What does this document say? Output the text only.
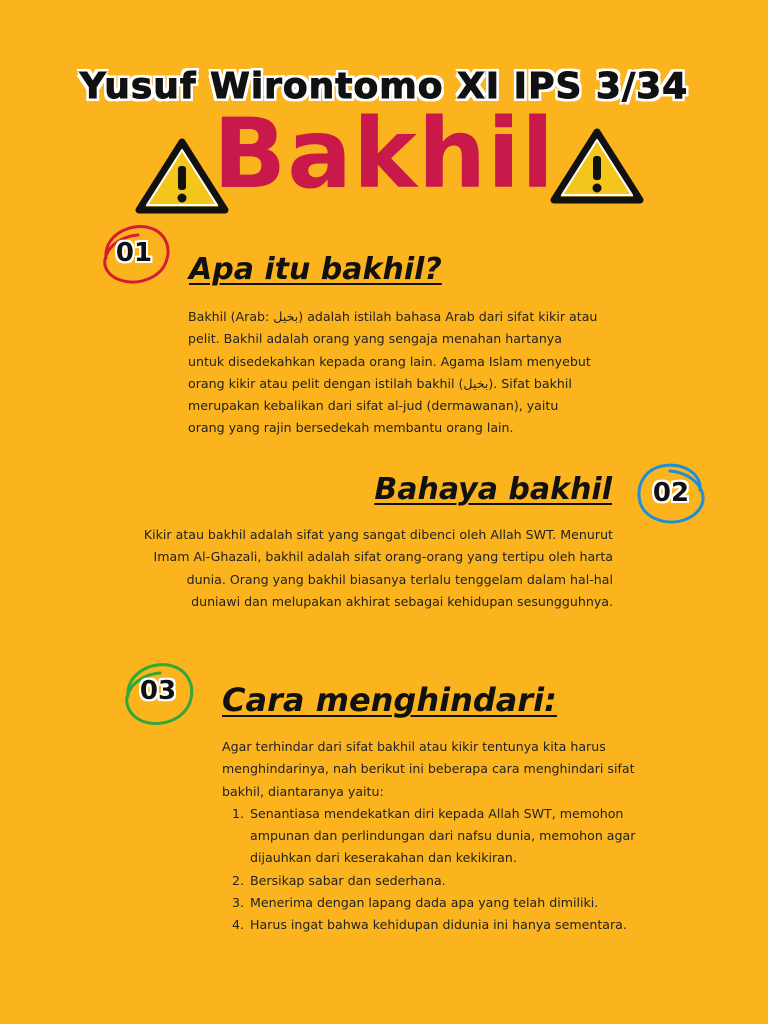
Yusuf Wirontomo XI IPS 3/34
Bakhil
01	Apa itu bakhil?
Bakhil (Arab: بخيل) adalah istilah bahasa Arab dari sifat kikir atau pelit. Bakhil adalah orang yang sengaja menahan hartanya untuk disedekahkan kepada orang lain. Agama Islam menyebut orang kikir atau pelit dengan istilah bakhil (بخيل). Sifat bakhil merupakan kebalikan dari sifat al-jud (dermawanan), yaitu orang yang rajin bersedekah membantu orang lain.
02
Bahaya bakhil
Kikir atau bakhil adalah sifat yang sangat dibenci oleh Allah SWT. Menurut Imam Al-Ghazali, bakhil adalah sifat orang-orang yang tertipu oleh harta dunia. Orang yang bakhil biasanya terlalu tenggelam dalam hal-hal duniawi dan melupakan akhirat sebagai kehidupan sesungguhnya.
03	Cara menghindari:
Agar terhindar dari sifat bakhil atau kikir tentunya kita harus menghindarinya, nah berikut ini beberapa cara menghindari sifat bakhil, diantaranya yaitu:
1. Senantiasa mendekatkan diri kepada Allah SWT, memohon ampunan dan perlindungan dari nafsu dunia, memohon agar dijauhkan dari keserakahan dan kekikiran.
2. Bersikap sabar dan sederhana.
3. Menerima dengan lapang dada apa yang telah dimiliki.
4. Harus ingat bahwa kehidupan didunia ini hanya sementara.
